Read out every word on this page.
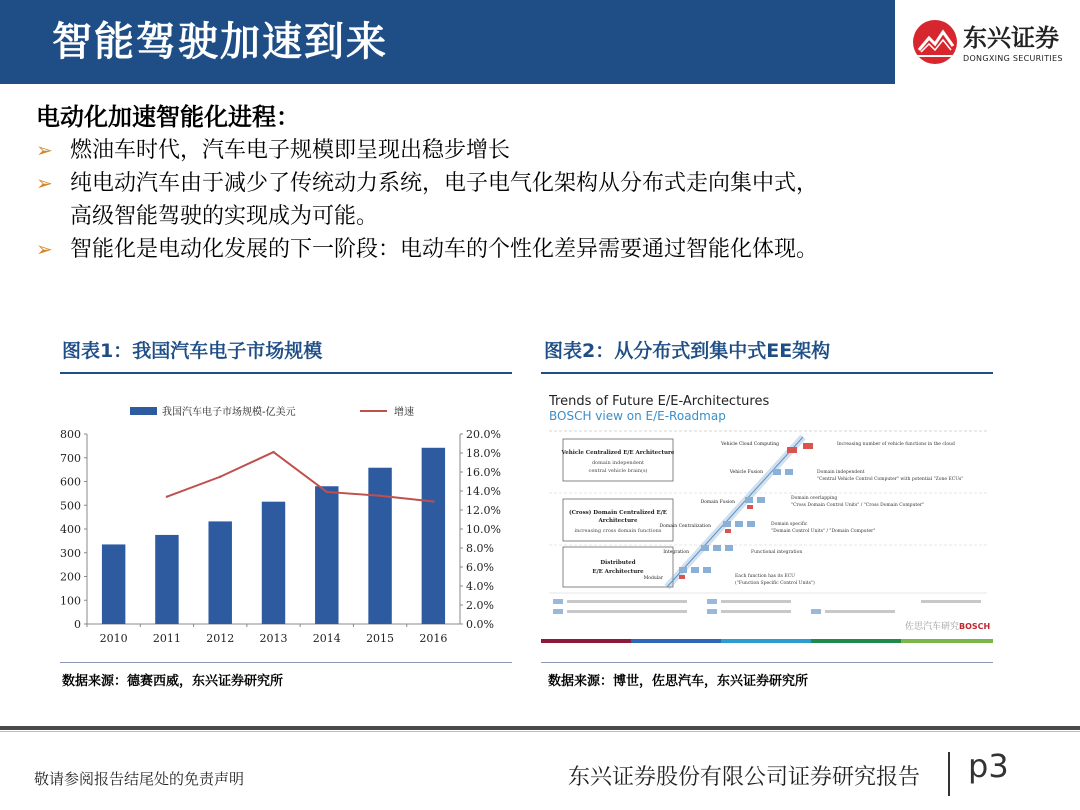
智能驾驶加速到来	东兴证券
DONGXING SECURITIES
电动化加速智能化进程：
➢ 燃油车时代，汽车电子规模即呈现出稳步增长
➢ 纯电动汽车由于减少了传统动力系统，电子电气化架构从分布式走向集中式，
高级智能驾驶的实现成为可能。
➢ 智能化是电动化发展的下一阶段：电动车的个性化差异需要通过智能化体现。
图表1：我国汽车电子市场规模
0
100
200
300
400
500
600
700
800
0.0%
2.0%
4.0%
6.0%
8.0%
10.0%
12.0%
14.0%
16.0%
18.0%
20.0%
2010 2011 2012 2013 2014 2015 2016
我国汽车电子市场规模-亿美元	增速
数据来源：德赛西威，东兴证券研究所
图表2：从分布式到集中式EE架构
Trends of Future E/E-Architectures
BOSCH view on E/E-Roadmap
Vehicle Centralized E/E Architecture
domain independent
central vehicle brain(s)
(Cross) Domain Centralized E/E
Architecture
increasing cross domain functions
Distributed
E/E Architecture
Modular
Integration
Domain Centralization
Domain Fusion
Vehicle Fusion
Vehicle Cloud Computing	Increasing number of vehicle functions in the cloud
Domain independent
"Central Vehicle Control Computer" with potential "Zone ECUs"
Domain overlapping
"Cross Domain Control Units" / "Cross Domain Computer"
Domain specific
"Domain Control Units" / "Domain Computer"
Functional integration
Each function has its ECU
("Function Specific Control Units")
佐思汽车研究 BOSCH
数据来源：博世，佐思汽车，东兴证券研究所
敬请参阅报告结尾处的免责声明	东兴证券股份有限公司证券研究报告 p3
